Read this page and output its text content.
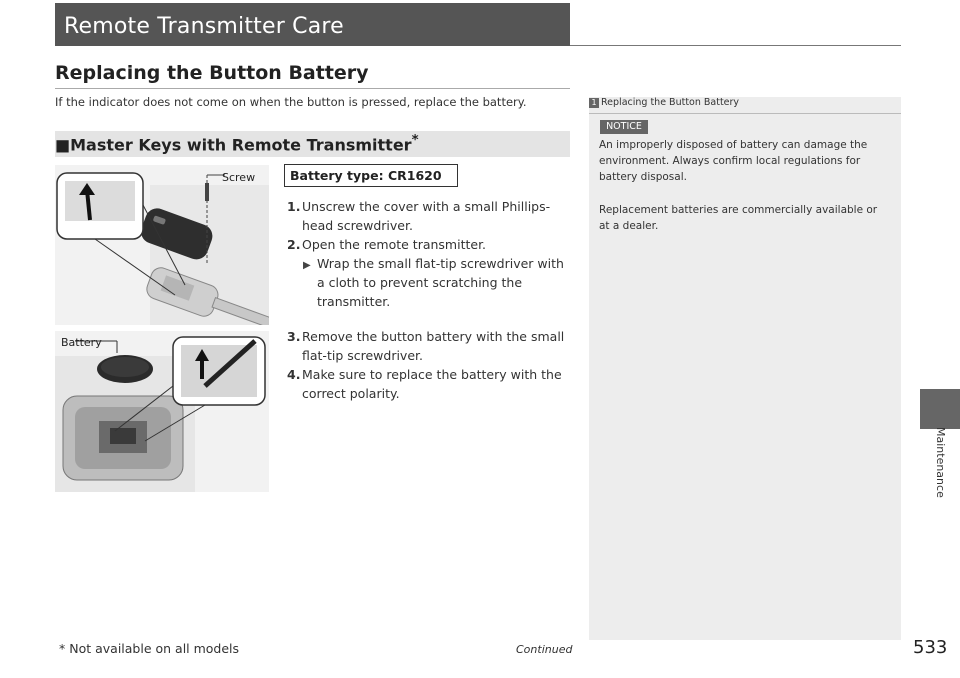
Remote Transmitter Care
Replacing the Button Battery
If the indicator does not come on when the button is pressed, replace the battery.	1 Replacing the Button Battery
NOTICE
An improperly disposed of battery can damage the environment. Always confirm local regulations for battery disposal.
Replacement batteries are commercially available or at a dealer.
■Master Keys with Remote Transmitter*
Battery type: CR1620
1. Unscrew the cover with a small Phillips-head screwdriver.
2. Open the remote transmitter.
▶ Wrap the small flat-tip screwdriver with a cloth to prevent scratching the transmitter.
3. Remove the button battery with the small flat-tip screwdriver.
4. Make sure to replace the battery with the correct polarity.
Screw
Battery
Maintenance
* Not available on all models	Continued	533
